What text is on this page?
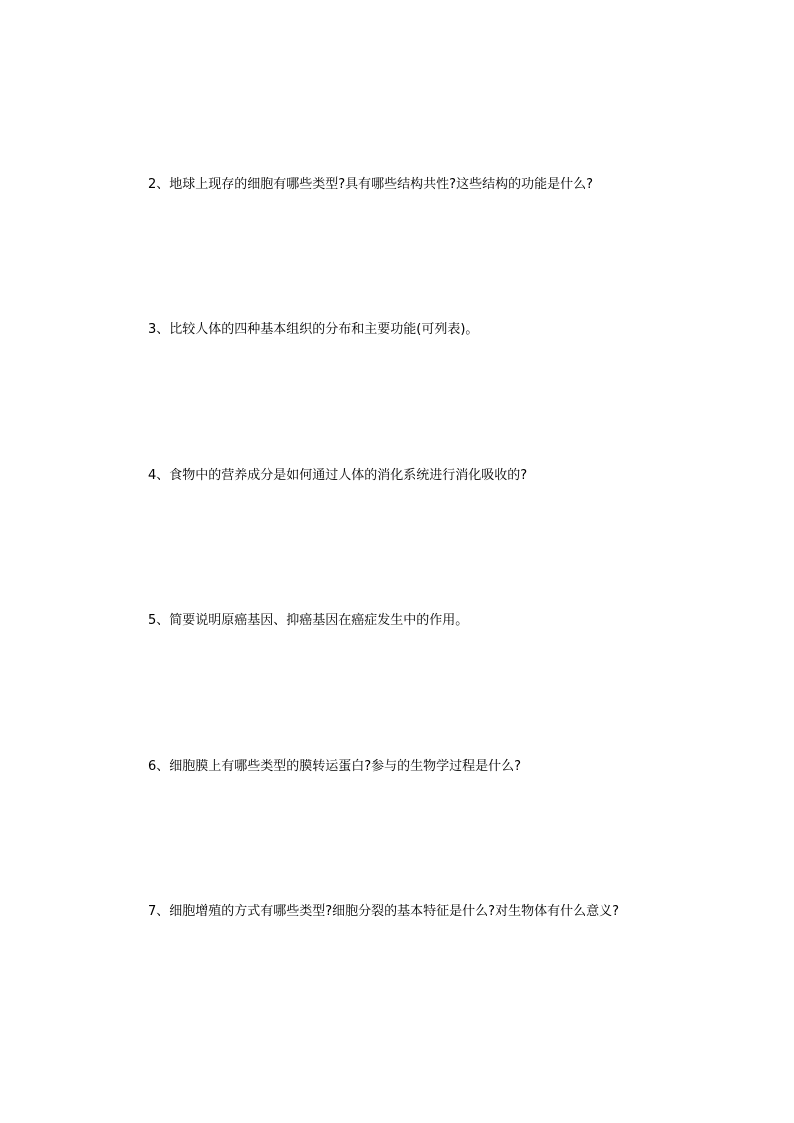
2、地球上现存的细胞有哪些类型?具有哪些结构共性?这些结构的功能是什么?
3、比较人体的四种基本组织的分布和主要功能(可列表)。
4、食物中的营养成分是如何通过人体的消化系统进行消化吸收的?
5、简要说明原癌基因、抑癌基因在癌症发生中的作用。
6、细胞膜上有哪些类型的膜转运蛋白?参与的生物学过程是什么?
7、细胞增殖的方式有哪些类型?细胞分裂的基本特征是什么?对生物体有什么意义?
